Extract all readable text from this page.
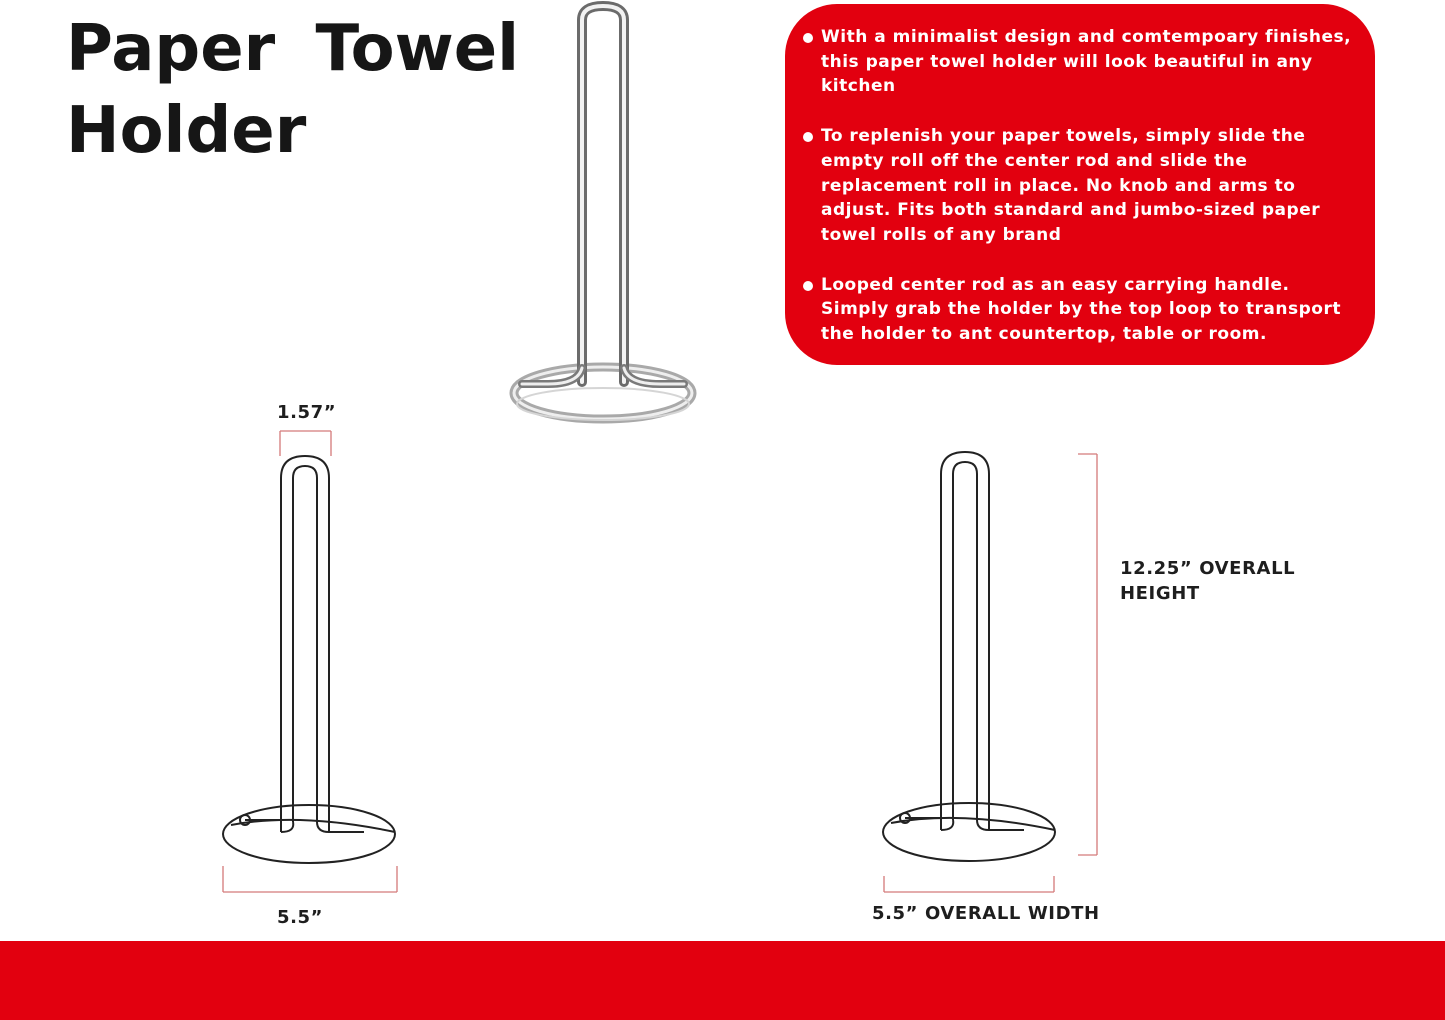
Paper Towel
Holder
With a minimalist design and comtempoary finishes, this paper towel holder will look beautiful in any kitchen
To replenish your paper towels, simply slide the empty roll off the center rod and slide the replacement roll in place. No knob and arms to adjust. Fits both standard and jumbo-sized paper towel rolls of any brand
Looped center rod as an easy carrying handle. Simply grab the holder by the top loop to transport the holder to ant countertop, table or room.

1.57”

5.5”

12.25” OVERALL

HEIGHT

5.5” OVERALL WIDTH
